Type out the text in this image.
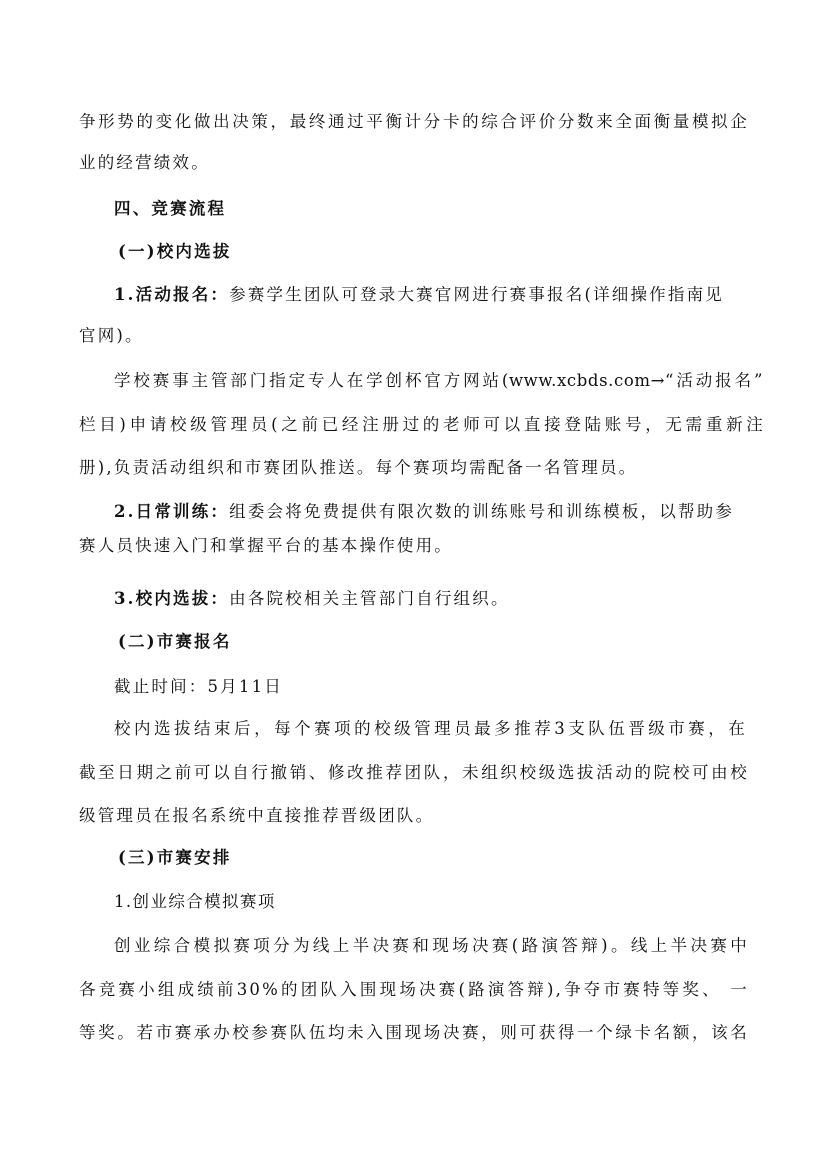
争形势的变化做出决策，最终通过平衡计分卡的综合评价分数来全面衡量模拟企

业的经营绩效。

四、竞赛流程

(一)校内选拔

1.活动报名：参赛学生团队可登录大赛官网进行赛事报名(详细操作指南见

官网)。

学校赛事主管部门指定专人在学创杯官方网站(www.xcbds.com→“活动报名”

栏目)申请校级管理员(之前已经注册过的老师可以直接登陆账号，无需重新注

册),负责活动组织和市赛团队推送。每个赛项均需配备一名管理员。

2.日常训练：组委会将免费提供有限次数的训练账号和训练模板，以帮助参

赛人员快速入门和掌握平台的基本操作使用。

3.校内选拔：由各院校相关主管部门自行组织。

(二)市赛报名

截止时间：5月11日

校内选拔结束后，每个赛项的校级管理员最多推荐3支队伍晋级市赛，在

截至日期之前可以自行撤销、修改推荐团队，未组织校级选拔活动的院校可由校

级管理员在报名系统中直接推荐晋级团队。

(三)市赛安排

1.创业综合模拟赛项

创业综合模拟赛项分为线上半决赛和现场决赛(路演答辩)。线上半决赛中

各竞赛小组成绩前30%的团队入围现场决赛(路演答辩),争夺市赛特等奖、 一

等奖。若市赛承办校参赛队伍均未入围现场决赛，则可获得一个绿卡名额，该名
